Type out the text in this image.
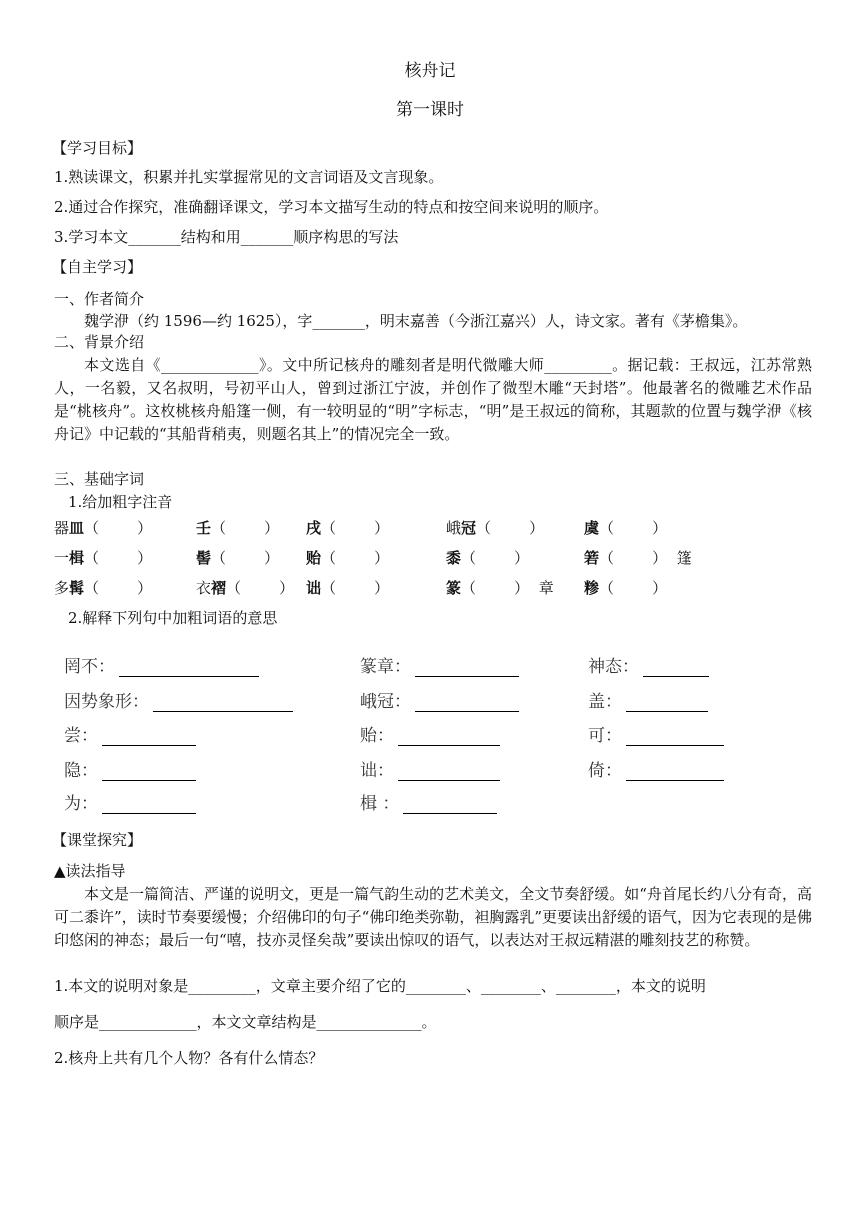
核舟记
第一课时
【学习目标】
1.熟读课文，积累并扎实掌握常见的文言词语及文言现象。
2.通过合作探究，准确翻译课文，学习本文描写生动的特点和按空间来说明的顺序。
3.学习本文_______结构和用_______顺序构思的写法
【自主学习】
一、作者简介
魏学洢（约 1596—约 1625），字_______，明末嘉善（今浙江嘉兴）人，诗文家。著有《茅檐集》。
二、背景介绍
本文选自《_____________》。文中所记核舟的雕刻者是明代微雕大师_________。据记载：王叔远，江苏常熟人，一名毅，又名叔明，号初平山人，曾到过浙江宁波，并创作了微型木雕“天封塔”。他最著名的微雕艺术作品是“桃核舟”。这枚桃核舟船篷一侧，有一较明显的“明”字标志，“明”是王叔远的简称，其题款的位置与魏学洢《核舟记》中记载的“其船背稍夷，则题名其上”的情况完全一致。
三、基础字词
1.给加粗字注音
器皿（        ）	壬（        ） 戌（        ）	峨冠（        ）	虞（        ）
一楫（        ）	髻（        ） 贻（        ）	黍（        ）	箬（        ）  篷
多髯（        ）	衣褶（        ） 诎（        ）	篆（        ）  章 糁（        ）
2.解释下列句中加粗词语的意思
罔不：	篆章：	神态：
因势象形：	峨冠：	盖：
尝：	贻：	可：
隐：	诎：	倚：
为：	楫 ：
【课堂探究】
▲读法指导
本文是一篇简洁、严谨的说明文，更是一篇气韵生动的艺术美文，全文节奏舒缓。如“舟首尾长约八分有奇，高可二黍许”，读时节奏要缓慢；介绍佛印的句子“佛印绝类弥勒，袒胸露乳”更要读出舒缓的语气，因为它表现的是佛印悠闲的神态；最后一句“嘻，技亦灵怪矣哉”要读出惊叹的语气，以表达对王叔远精湛的雕刻技艺的称赞。
1.本文的说明对象是_________，文章主要介绍了它的________、________、________，本文的说明
顺序是_____________，本文文章结构是______________。
2.核舟上共有几个人物？各有什么情态？
